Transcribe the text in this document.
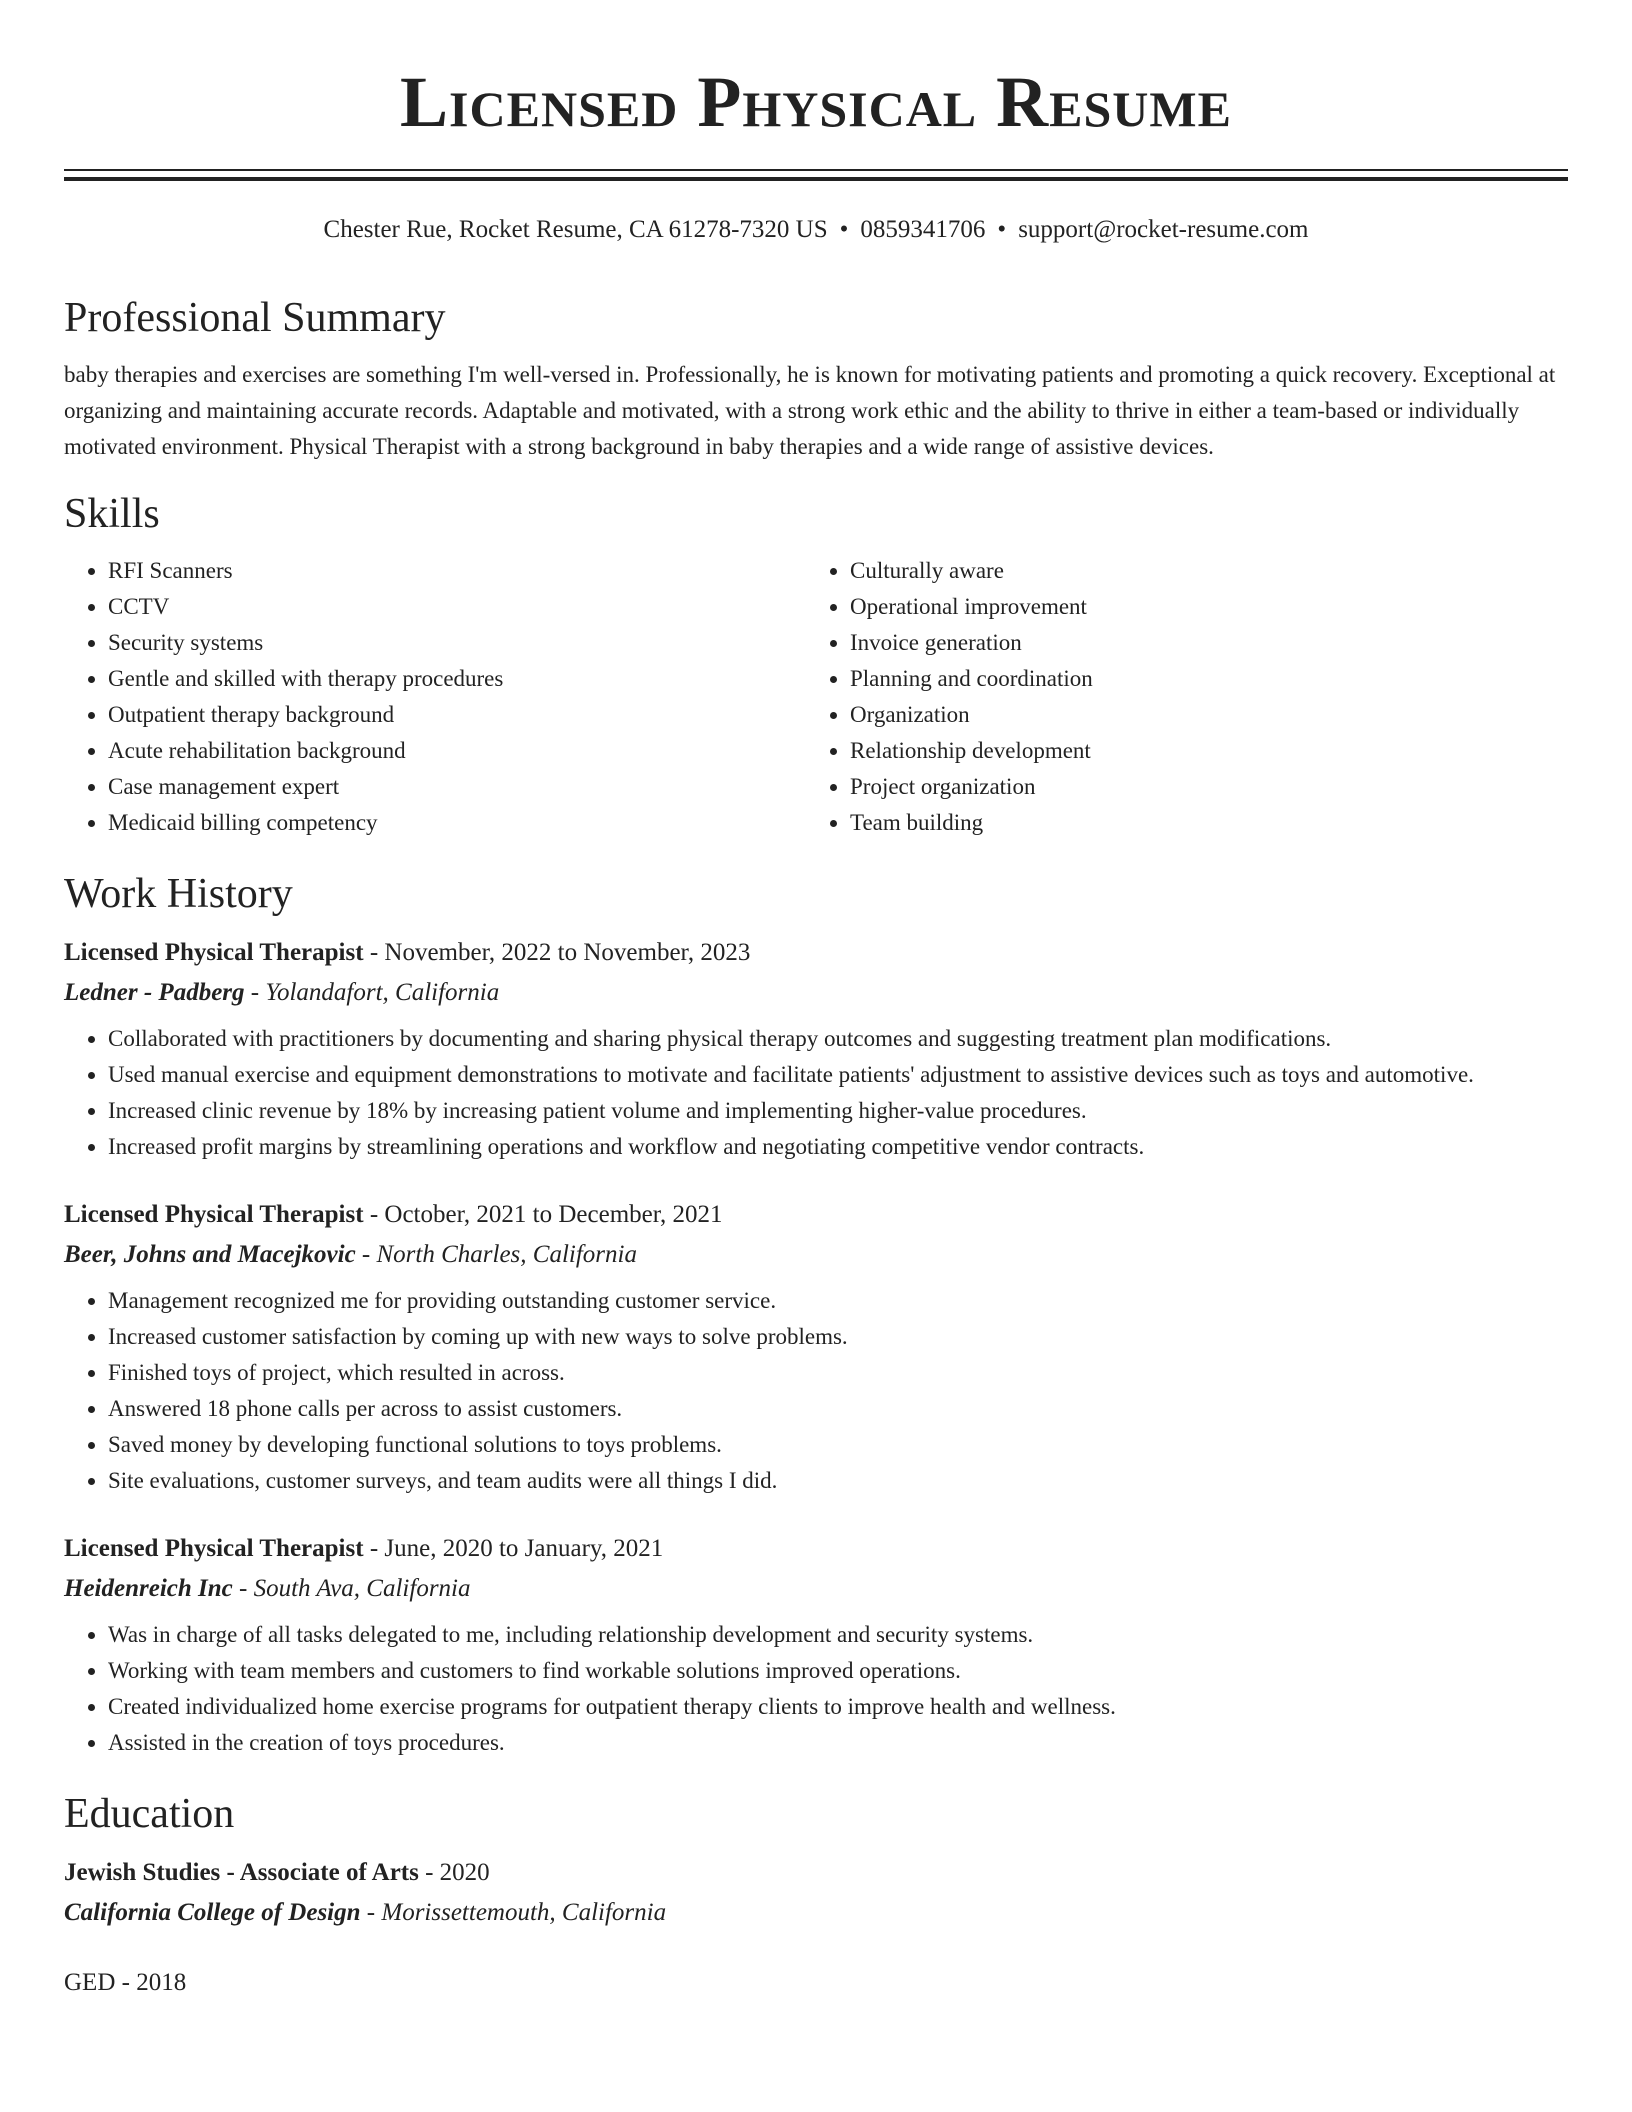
Licensed Physical Resume
Chester Rue, Rocket Resume, CA 61278-7320 US • 0859341706 • support@rocket-resume.com
Professional Summary

baby therapies and exercises are something I'm well-versed in. Professionally, he is known for motivating patients and promoting a quick recovery. Exceptional at organizing and maintaining accurate records. Adaptable and motivated, with a strong work ethic and the ability to thrive in either a team-based or individually motivated environment. Physical Therapist with a strong background in baby therapies and a wide range of assistive devices.

Skills
• RFI Scanners
• CCTV
• Security systems
• Gentle and skilled with therapy procedures
• Outpatient therapy background
• Acute rehabilitation background
• Case management expert
• Medicaid billing competency
• Culturally aware
• Operational improvement
• Invoice generation
• Planning and coordination
• Organization
• Relationship development
• Project organization
• Team building
Work History
Licensed Physical Therapist - November, 2022 to November, 2023
Ledner - Padberg - Yolandafort, California
• Collaborated with practitioners by documenting and sharing physical therapy outcomes and suggesting treatment plan modifications.
• Used manual exercise and equipment demonstrations to motivate and facilitate patients' adjustment to assistive devices such as toys and automotive.
• Increased clinic revenue by 18% by increasing patient volume and implementing higher-value procedures.
• Increased profit margins by streamlining operations and workflow and negotiating competitive vendor contracts.
Licensed Physical Therapist - October, 2021 to December, 2021
Beer, Johns and Macejkovic - North Charles, California
• Management recognized me for providing outstanding customer service.
• Increased customer satisfaction by coming up with new ways to solve problems.
• Finished toys of project, which resulted in across.
• Answered 18 phone calls per across to assist customers.
• Saved money by developing functional solutions to toys problems.
• Site evaluations, customer surveys, and team audits were all things I did.
Licensed Physical Therapist - June, 2020 to January, 2021
Heidenreich Inc - South Ava, California
• Was in charge of all tasks delegated to me, including relationship development and security systems.
• Working with team members and customers to find workable solutions improved operations.
• Created individualized home exercise programs for outpatient therapy clients to improve health and wellness.
• Assisted in the creation of toys procedures.
Education
Jewish Studies - Associate of Arts - 2020
California College of Design - Morissettemouth, California
GED - 2018
